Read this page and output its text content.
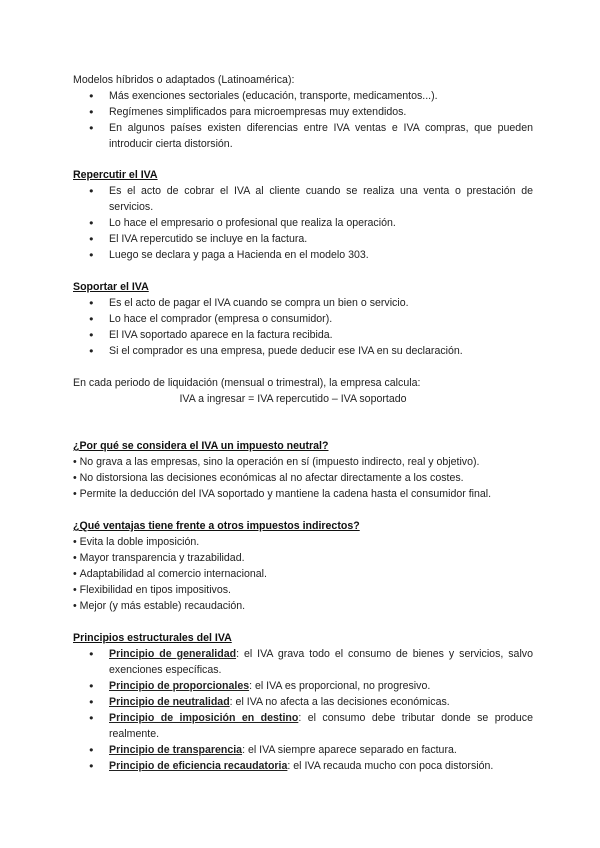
Modelos híbridos o adaptados (Latinoamérica):
● Más exenciones sectoriales (educación, transporte, medicamentos...).
● Regímenes simplificados para microempresas muy extendidos.
● En algunos países existen diferencias entre IVA ventas e IVA compras, que pueden introducir cierta distorsión.
Repercutir el IVA
● Es el acto de cobrar el IVA al cliente cuando se realiza una venta o prestación de servicios.
● Lo hace el empresario o profesional que realiza la operación.
● El IVA repercutido se incluye en la factura.
● Luego se declara y paga a Hacienda en el modelo 303.
Soportar el IVA
● Es el acto de pagar el IVA cuando se compra un bien o servicio.
● Lo hace el comprador (empresa o consumidor).
● El IVA soportado aparece en la factura recibida.
● Si el comprador es una empresa, puede deducir ese IVA en su declaración.
En cada periodo de liquidación (mensual o trimestral), la empresa calcula:
IVA a ingresar = IVA repercutido – IVA soportado
¿Por qué se considera el IVA un impuesto neutral?
• No grava a las empresas, sino la operación en sí (impuesto indirecto, real y objetivo).
• No distorsiona las decisiones económicas al no afectar directamente a los costes.
• Permite la deducción del IVA soportado y mantiene la cadena hasta el consumidor final.
¿Qué ventajas tiene frente a otros impuestos indirectos?
• Evita la doble imposición.
• Mayor transparencia y trazabilidad.
• Adaptabilidad al comercio internacional.
• Flexibilidad en tipos impositivos.
• Mejor (y más estable) recaudación.
Principios estructurales del IVA
● Principio de generalidad: el IVA grava todo el consumo de bienes y servicios, salvo exenciones específicas.
● Principio de proporcionales: el IVA es proporcional, no progresivo.
● Principio de neutralidad: el IVA no afecta a las decisiones económicas.
● Principio de imposición en destino: el consumo debe tributar donde se produce realmente.
● Principio de transparencia: el IVA siempre aparece separado en factura.
● Principio de eficiencia recaudatoria: el IVA recauda mucho con poca distorsión.
